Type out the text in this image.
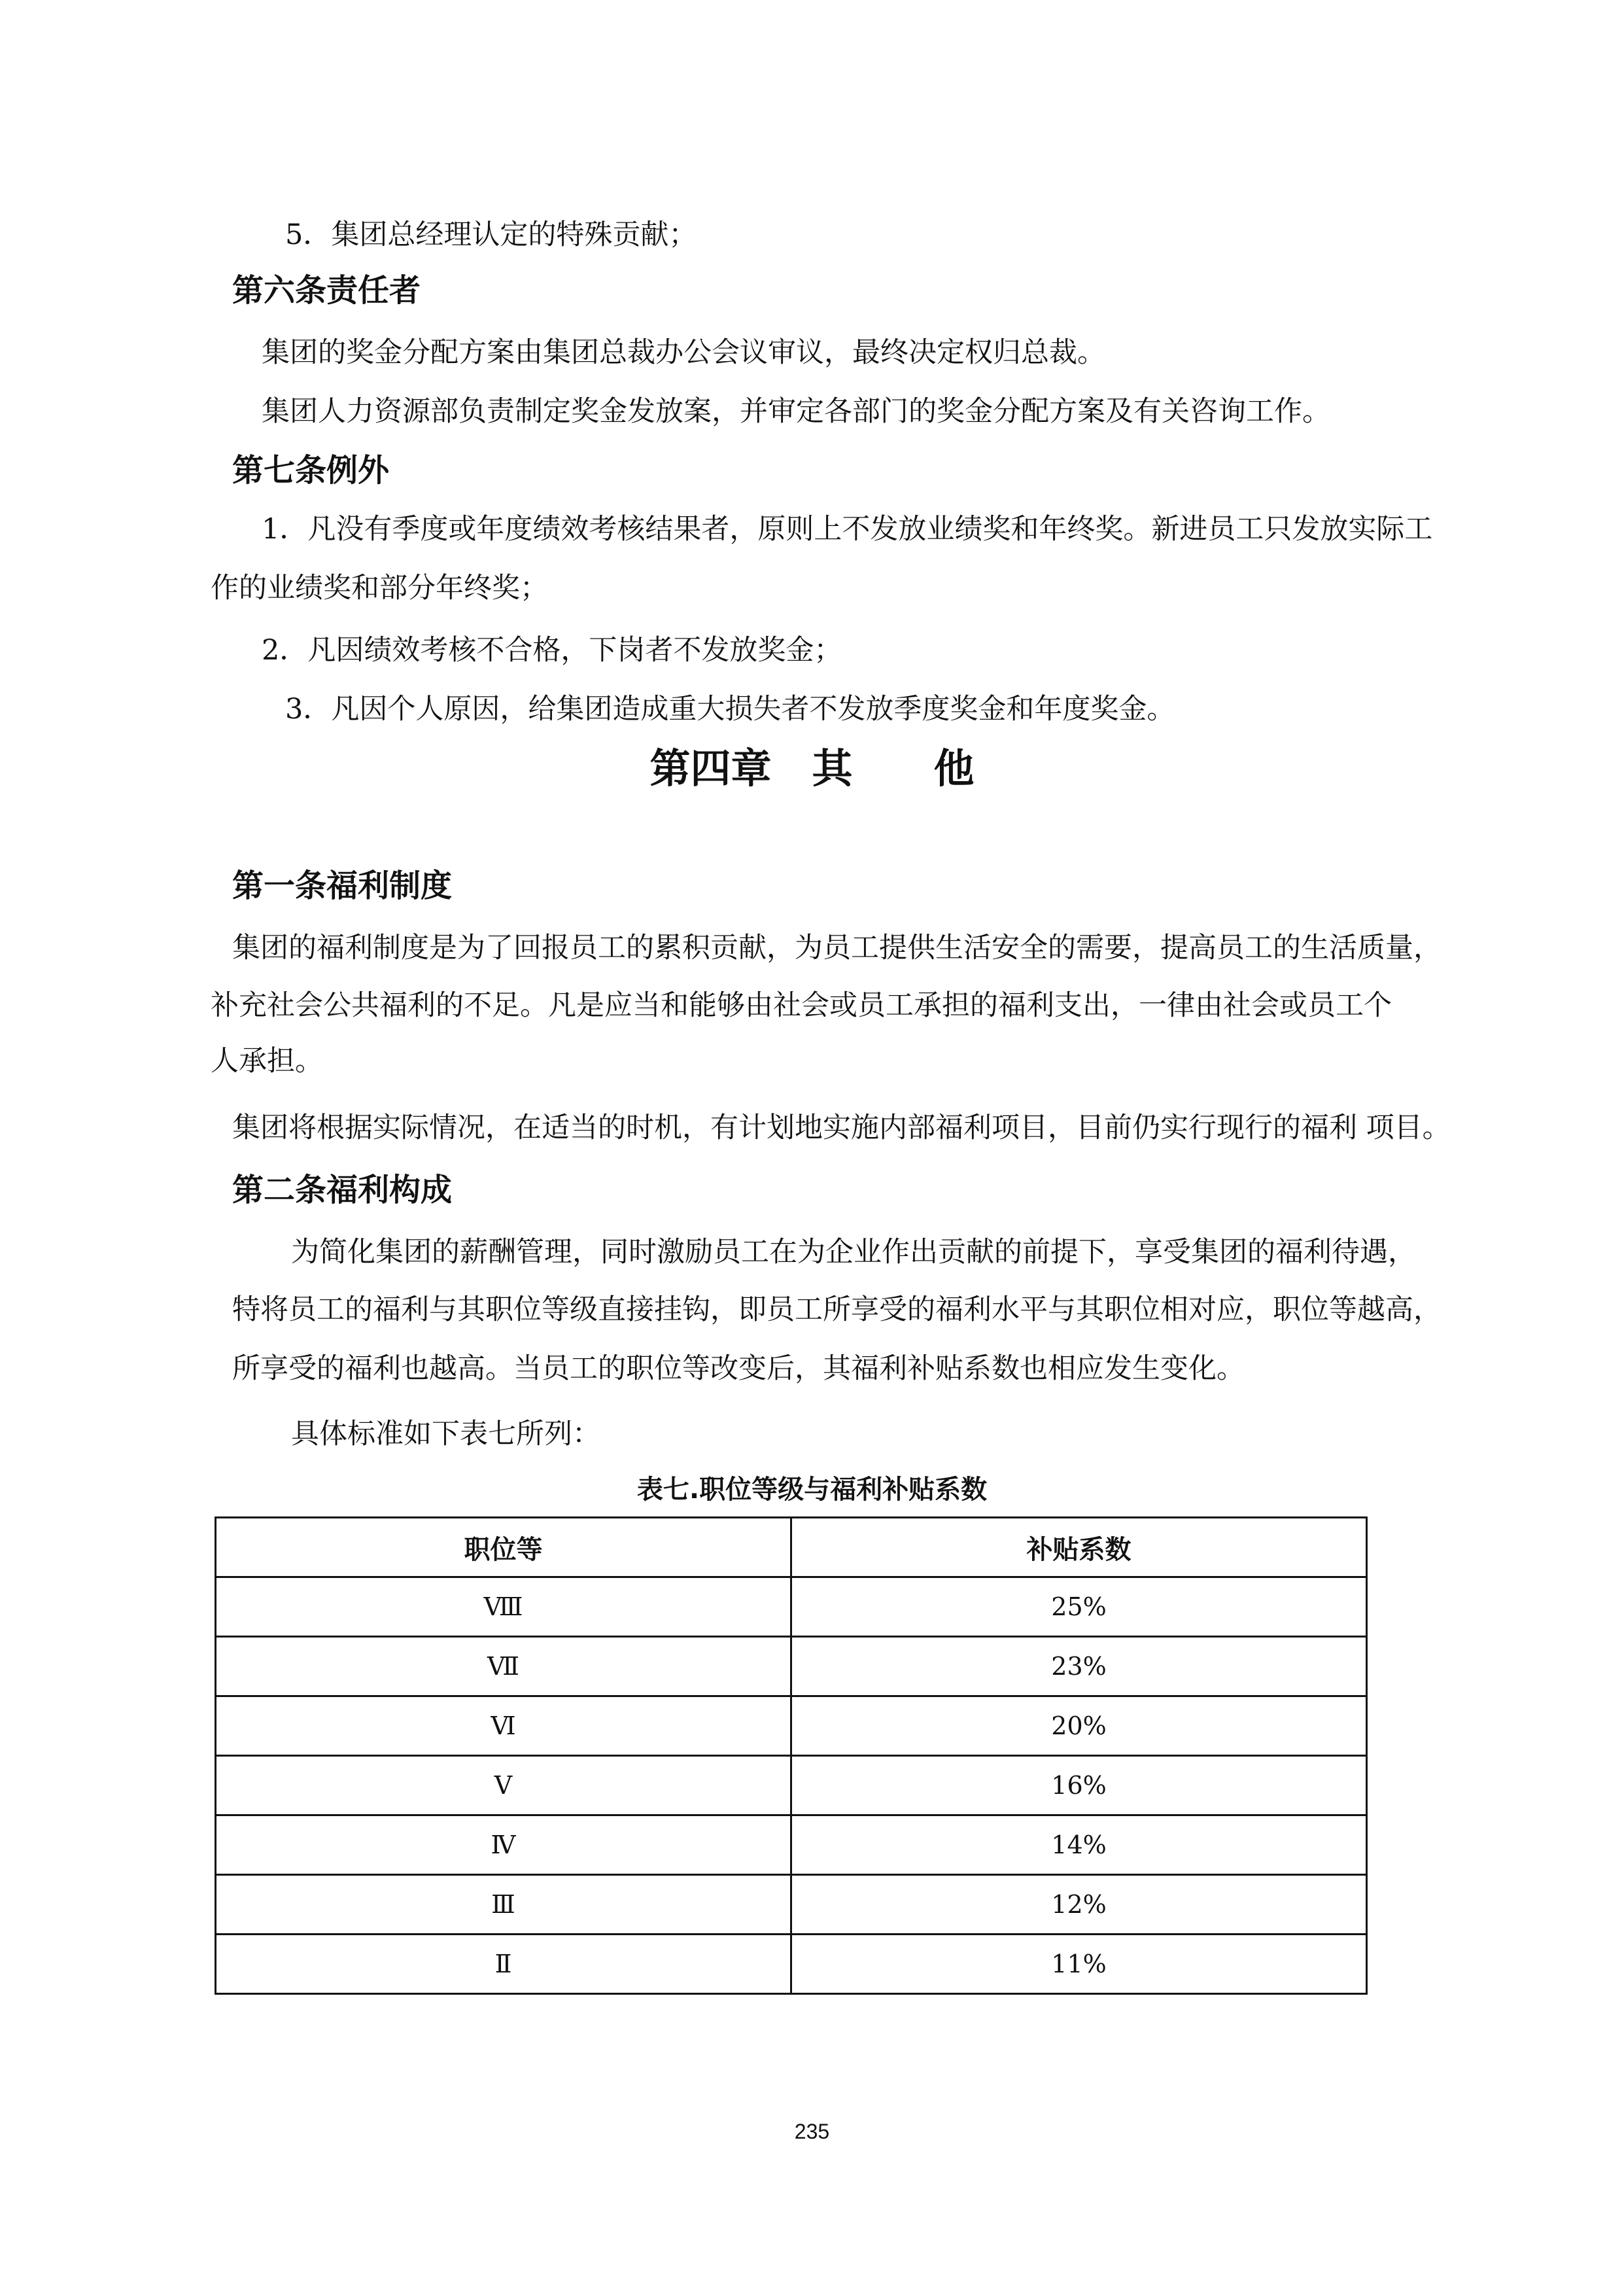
5．集团总经理认定的特殊贡献；
第六条责任者
集团的奖金分配方案由集团总裁办公会议审议，最终决定权归总裁。
集团人力资源部负责制定奖金发放案，并审定各部门的奖金分配方案及有关咨询工作。
第七条例外
1．凡没有季度或年度绩效考核结果者，原则上不发放业绩奖和年终奖。新进员工只发放实际工
作的业绩奖和部分年终奖；
2．凡因绩效考核不合格，下岗者不发放奖金；
3．凡因个人原因，给集团造成重大损失者不发放季度奖金和年度奖金。
第四章　其　　他
第一条福利制度
集团的福利制度是为了回报员工的累积贡献，为员工提供生活安全的需要，提高员工的生活质量，
补充社会公共福利的不足。凡是应当和能够由社会或员工承担的福利支出，一律由社会或员工个
人承担。
集团将根据实际情况，在适当的时机，有计划地实施内部福利项目，目前仍实行现行的福利 项目。
第二条福利构成
为简化集团的薪酬管理，同时激励员工在为企业作出贡献的前提下，享受集团的福利待遇，
特将员工的福利与其职位等级直接挂钩，即员工所享受的福利水平与其职位相对应，职位等越高，
所享受的福利也越高。当员工的职位等改变后，其福利补贴系数也相应发生变化。
具体标准如下表七所列：
表七.职位等级与福利补贴系数
职位等	补贴系数
Ⅷ	25%
Ⅶ	23%
Ⅵ	20%
Ⅴ	16%
Ⅳ	14%
Ⅲ	12%
Ⅱ	11%
235
